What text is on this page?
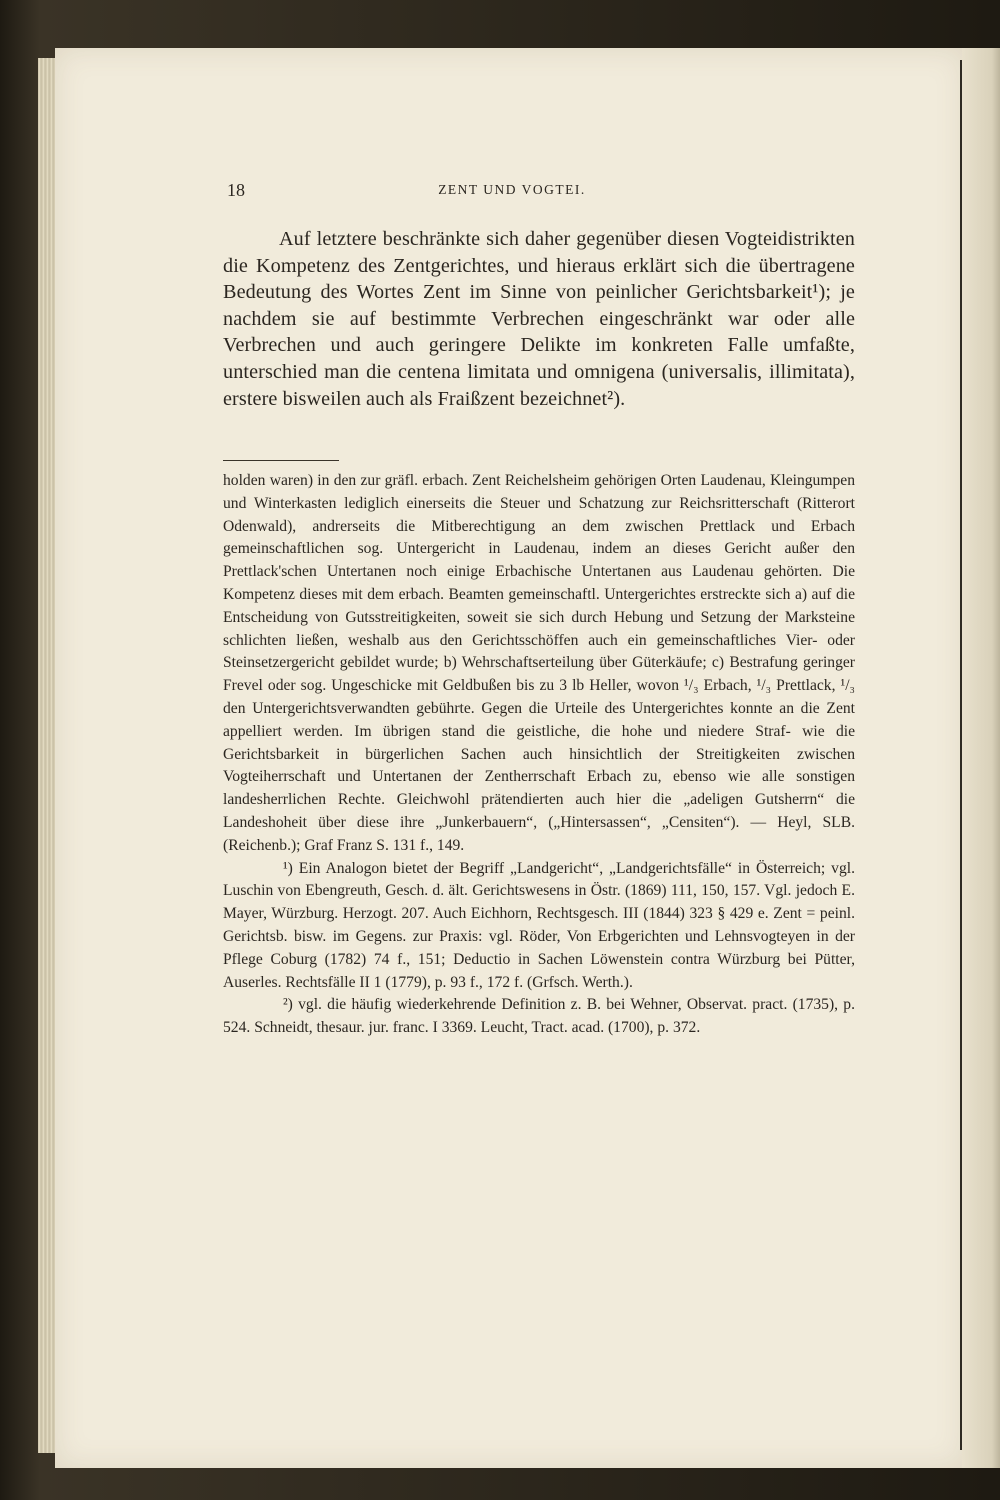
18	ZENT UND VOGTEI.

Auf letztere beschränkte sich daher gegenüber diesen Vogteidistrikten die Kompetenz des Zentgerichtes, und hieraus erklärt sich die übertragene Bedeutung des Wortes Zent im Sinne von peinlicher Gerichtsbarkeit¹); je nachdem sie auf bestimmte Verbrechen eingeschränkt war oder alle Verbrechen und auch geringere Delikte im konkreten Falle umfaßte, unterschied man die centena limitata und omnigena (universalis, illimitata), erstere bisweilen auch als Fraißzent bezeichnet²).

holden waren) in den zur gräfl. erbach. Zent Reichelsheim gehörigen Orten Laudenau, Kleingumpen und Winterkasten lediglich einerseits die Steuer und Schatzung zur Reichsritterschaft (Ritterort Odenwald), andrerseits die Mitberechtigung an dem zwischen Prettlack und Erbach gemeinschaftlichen sog. Untergericht in Laudenau, indem an dieses Gericht außer den Prettlack'schen Untertanen noch einige Erbachische Untertanen aus Laudenau gehörten. Die Kompetenz dieses mit dem erbach. Beamten gemeinschaftl. Untergerichtes erstreckte sich a) auf die Entscheidung von Gutsstreitigkeiten, soweit sie sich durch Hebung und Setzung der Marksteine schlichten ließen, weshalb aus den Gerichtsschöffen auch ein gemeinschaftliches Vier- oder Steinsetzergericht gebildet wurde; b) Wehrschaftserteilung über Güterkäufe; c) Bestrafung geringer Frevel oder sog. Ungeschicke mit Geldbußen bis zu 3 lb Heller, wovon ¹/₃ Erbach, ¹/₃ Prettlack, ¹/₃ den Untergerichtsverwandten gebührte. Gegen die Urteile des Untergerichtes konnte an die Zent appelliert werden. Im übrigen stand die geistliche, die hohe und niedere Straf- wie die Gerichtsbarkeit in bürgerlichen Sachen auch hinsichtlich der Streitigkeiten zwischen Vogteiherrschaft und Untertanen der Zentherrschaft Erbach zu, ebenso wie alle sonstigen landesherrlichen Rechte. Gleichwohl prätendierten auch hier die „adeligen Gutsherrn“ die Landeshoheit über diese ihre „Junkerbauern“, („Hintersassen“, „Censiten“). — Heyl, SLB. (Reichenb.); Graf Franz S. 131 f., 149.

¹) Ein Analogon bietet der Begriff „Landgericht“, „Landgerichtsfälle“ in Österreich; vgl. Luschin von Ebengreuth, Gesch. d. ält. Gerichtswesens in Östr. (1869) 111, 150, 157. Vgl. jedoch E. Mayer, Würzburg. Herzogt. 207. Auch Eichhorn, Rechtsgesch. III (1844) 323 § 429 e. Zent = peinl. Gerichtsb. bisw. im Gegens. zur Praxis: vgl. Röder, Von Erbgerichten und Lehnsvogteyen in der Pflege Coburg (1782) 74 f., 151; Deductio in Sachen Löwenstein contra Würzburg bei Pütter, Auserles. Rechtsfälle II 1 (1779), p. 93 f., 172 f. (Grfsch. Werth.).

²) vgl. die häufig wiederkehrende Definition z. B. bei Wehner, Observat. pract. (1735), p. 524. Schneidt, thesaur. jur. franc. I 3369. Leucht, Tract. acad. (1700), p. 372.
